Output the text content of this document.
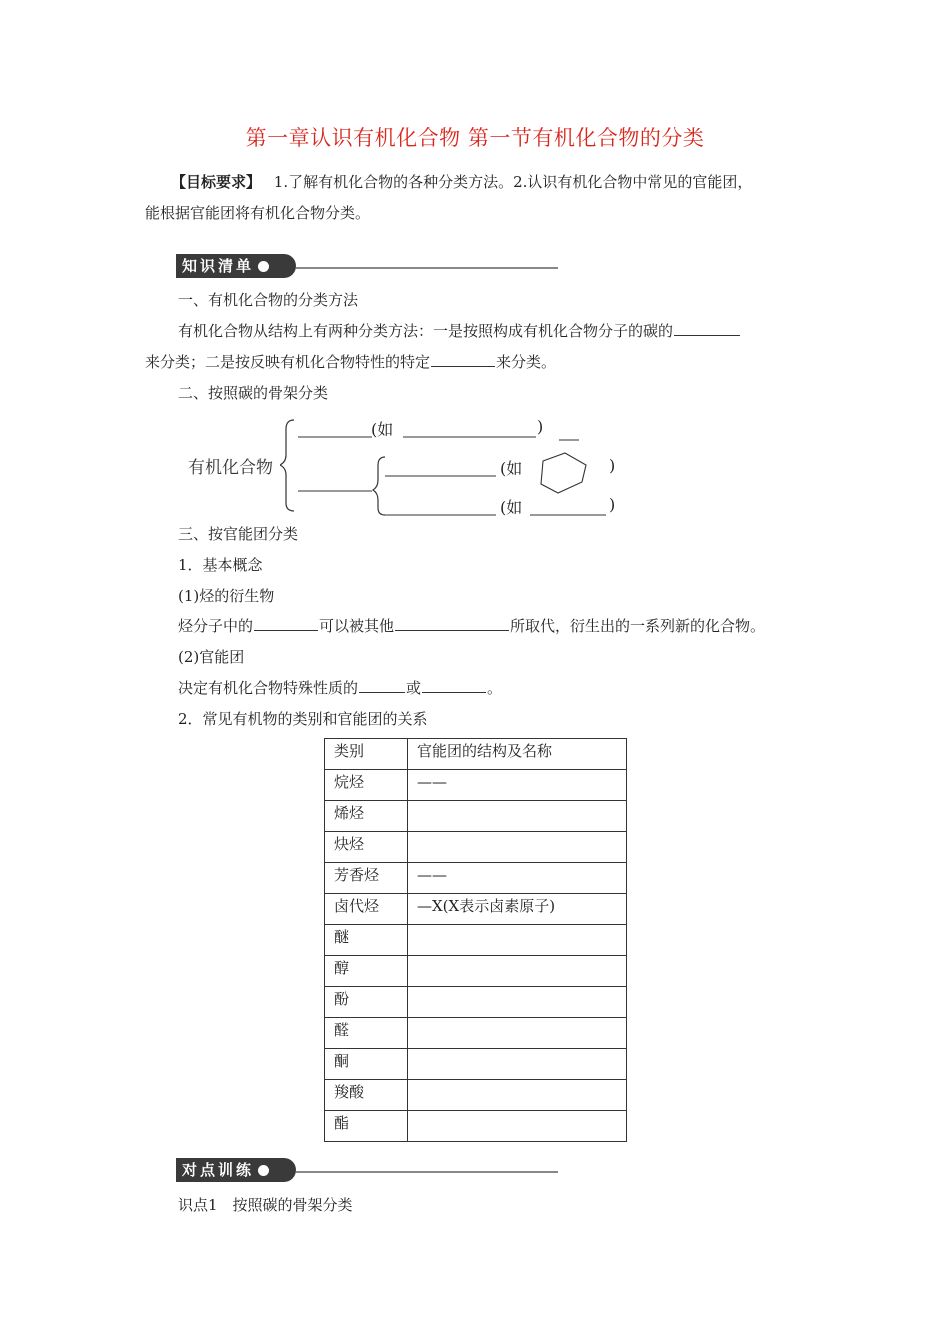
第一章认识有机化合物 第一节有机化合物的分类
【目标要求】 1.了解有机化合物的各种分类方法。2.认识有机化合物中常见的官能团，
能根据官能团将有机化合物分类。
知识清单
一、有机化合物的分类方法
有机化合物从结构上有两种分类方法：一是按照构成有机化合物分子的碳的
来分类；二是按反映有机化合物特性的特定	来分类。
二、按照碳的骨架分类
有机化合物
(如	)
(如	)
(如	)
三、按官能团分类
1．基本概念
(1)烃的衍生物
烃分子中的	可以被其他	所取代，衍生出的一系列新的化合物。
(2)官能团
决定有机化合物特殊性质的	或	。
2．常见有机物的类别和官能团的关系
类别	官能团的结构及名称
烷烃	——
烯烃	
炔烃	
芳香烃	——
卤代烃	—X(X表示卤素原子)
醚	
醇	
酚	
醛	
酮	
羧酸	
酯	
对点训练
识点1　按照碳的骨架分类
